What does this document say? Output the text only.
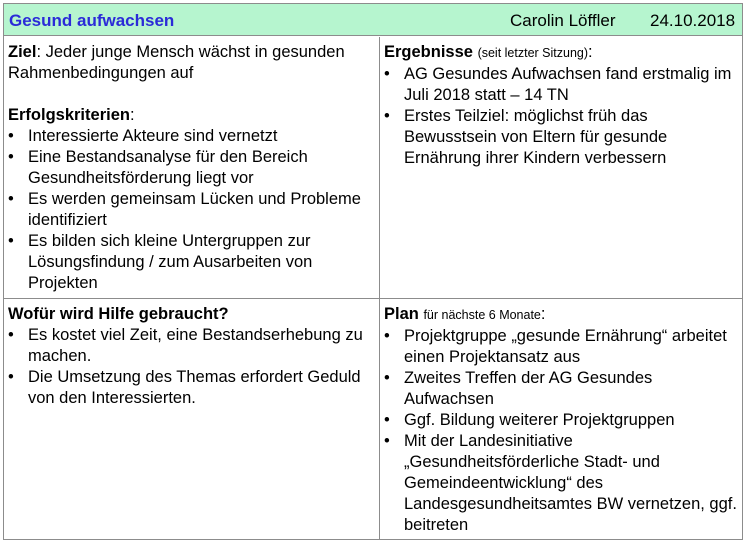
Gesund aufwachsen	Carolin Löffler 24.10.2018
Ziel: Jeder junge Mensch wächst in gesunden Rahmenbedingungen auf
Erfolgskriterien:
• Interessierte Akteure sind vernetzt
• Eine Bestandsanalyse für den Bereich Gesundheitsförderung liegt vor
• Es werden gemeinsam Lücken und Probleme identifiziert
• Es bilden sich kleine Untergruppen zur Lösungsfindung / zum Ausarbeiten von Projekten
Ergebnisse (seit letzter Sitzung):
• AG Gesundes Aufwachsen fand erstmalig im Juli 2018 statt – 14 TN
• Erstes Teilziel: möglichst früh das Bewusstsein von Eltern für gesunde Ernährung ihrer Kindern verbessern
Wofür wird Hilfe gebraucht?
• Es kostet viel Zeit, eine Bestandserhebung zu machen.
• Die Umsetzung des Themas erfordert Geduld von den Interessierten.
Plan für nächste 6 Monate:
• Projektgruppe „gesunde Ernährung“ arbeitet einen Projektansatz aus
• Zweites Treffen der AG Gesundes Aufwachsen
• Ggf. Bildung weiterer Projektgruppen
• Mit der Landesinitiative „Gesundheitsförderliche Stadt- und Gemeindeentwicklung“ des Landesgesundheitsamtes BW vernetzen, ggf. beitreten
